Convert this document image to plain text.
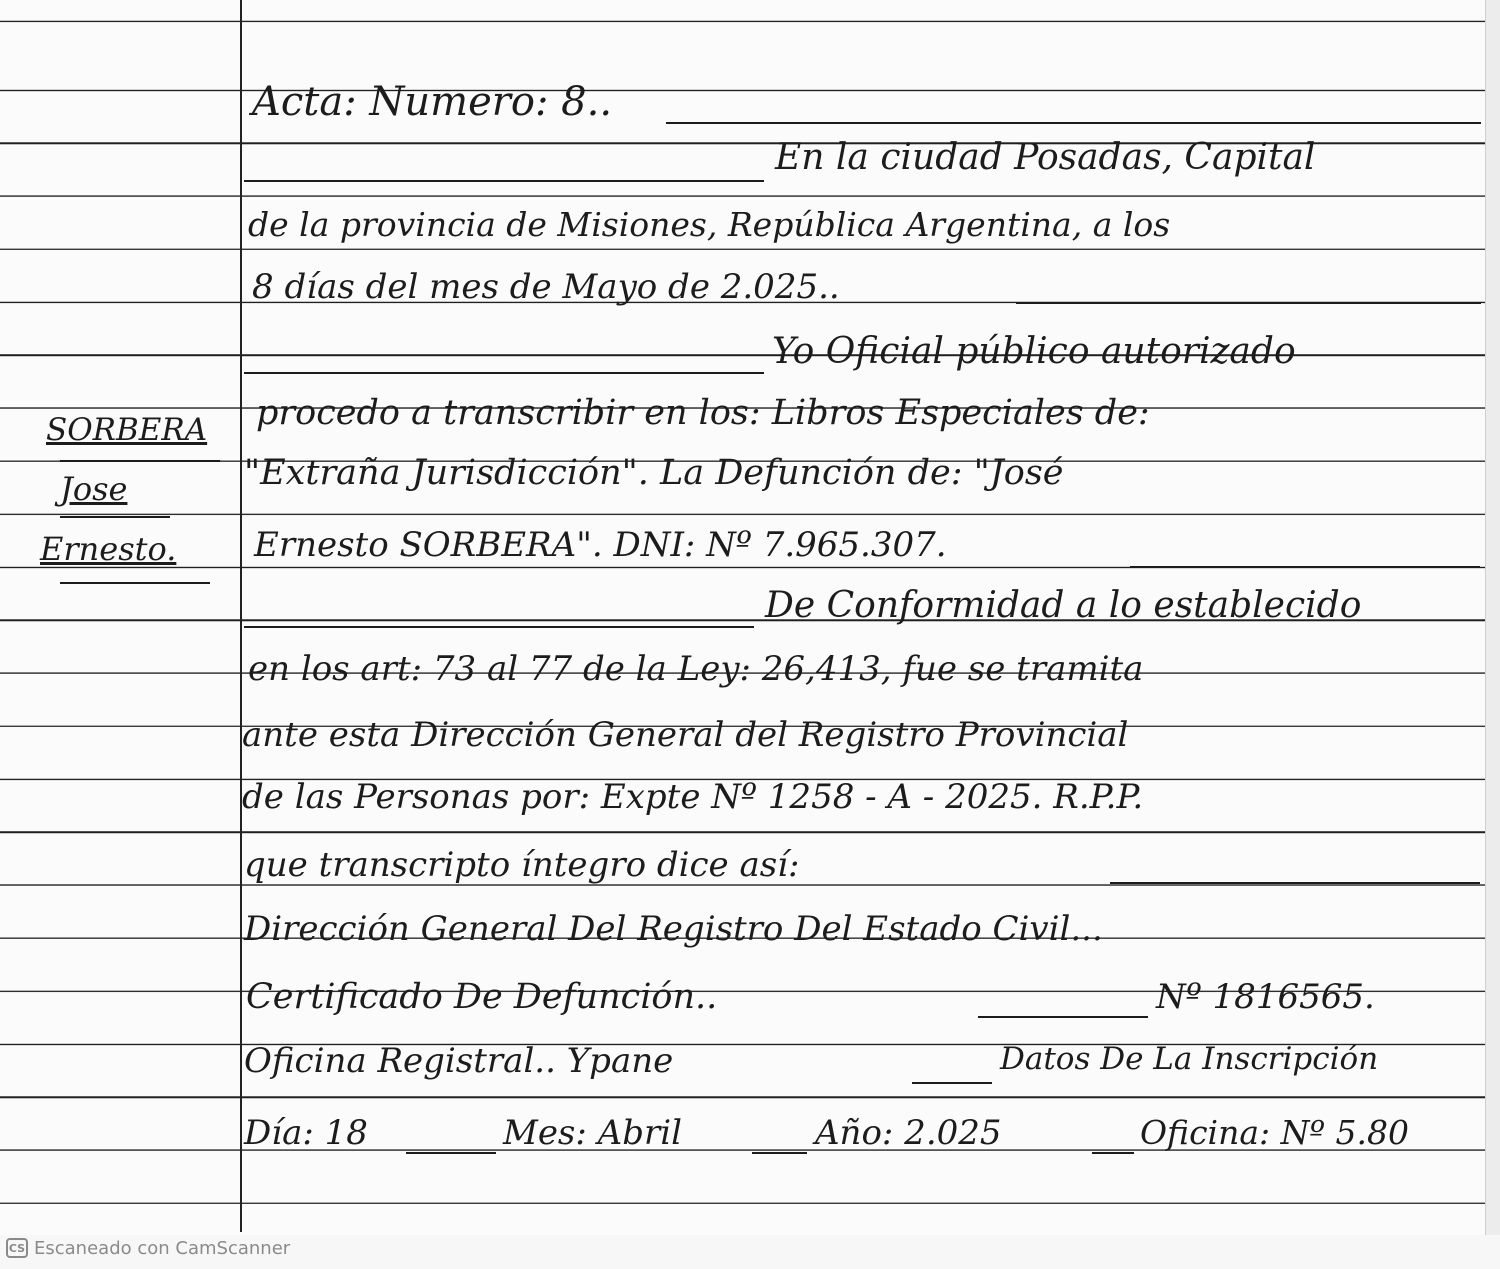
SORBERA
Jose
Ernesto.
Acta: Numero: 8..
En la ciudad Posadas, Capital
de la provincia de Misiones, República Argentina, a los
8 días del mes de Mayo de 2.025..
Yo Oficial público autorizado
procedo a transcribir en los: Libros Especiales de:
"Extraña Jurisdicción". La Defunción de: "José
Ernesto SORBERA". DNI: Nº 7.965.307.
De Conformidad a lo establecido
en los art: 73 al 77 de la Ley: 26,413, fue se tramita
ante esta Dirección General del Registro Provincial
de las Personas por: Expte Nº 1258 - A - 2025. R.P.P.
que transcripto íntegro dice así:
Dirección General Del Registro Del Estado Civil...
Certificado De Defunción..	Nº 1816565.
Oficina Registral.. Ypane	Datos De La Inscripción
Día: 18	Mes: Abril	Año: 2.025	Oficina: Nº 5.80
CS Escaneado con CamScanner
